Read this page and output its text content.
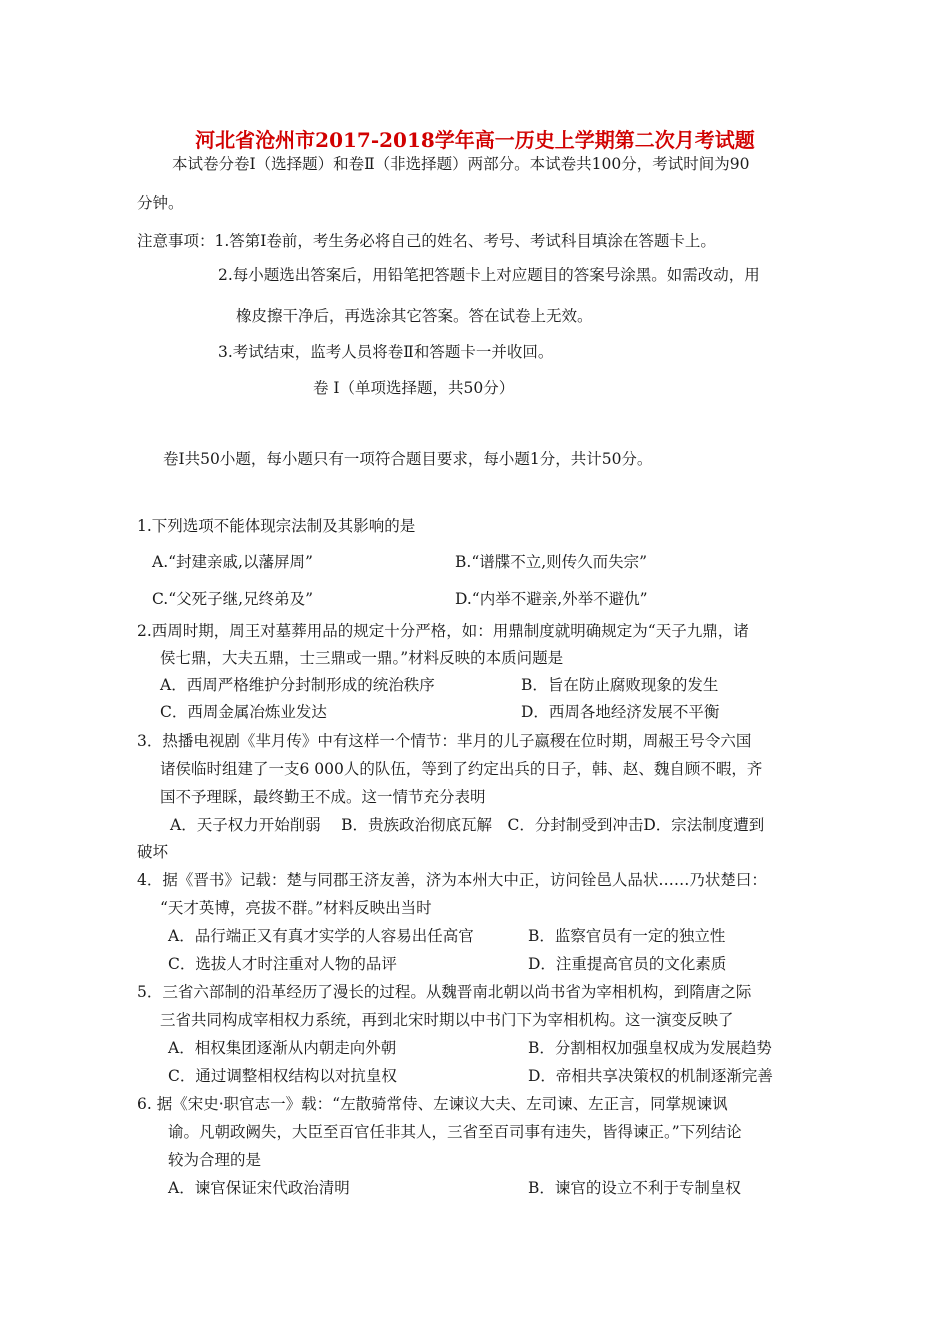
河北省沧州市2017-2018学年高一历史上学期第二次月考试题
本试卷分卷Ⅰ（选择题）和卷Ⅱ（非选择题）两部分。本试卷共100分，考试时间为90
分钟。
注意事项：1.答第Ⅰ卷前，考生务必将自己的姓名、考号、考试科目填涂在答题卡上。
2.每小题选出答案后，用铅笔把答题卡上对应题目的答案号涂黑。如需改动，用
橡皮擦干净后，再选涂其它答案。答在试卷上无效。
3.考试结束，监考人员将卷Ⅱ和答题卡一并收回。
卷 Ⅰ（单项选择题，共50分）
卷Ⅰ共50小题，每小题只有一项符合题目要求，每小题1分，共计50分。
1.下列选项不能体现宗法制及其影响的是
A.“封建亲戚,以藩屏周”	B.“谱牒不立,则传久而失宗”
C.“父死子继,兄终弟及”	D.“内举不避亲,外举不避仇”
2.西周时期，周王对墓葬用品的规定十分严格，如：用鼎制度就明确规定为“天子九鼎，诸
侯七鼎，大夫五鼎，士三鼎或一鼎。”材料反映的本质问题是
A．西周严格维护分封制形成的统治秩序	B．旨在防止腐败现象的发生
C．西周金属冶炼业发达	D．西周各地经济发展不平衡
3．热播电视剧《芈月传》中有这样一个情节：芈月的儿子嬴稷在位时期，周赧王号令六国
诸侯临时组建了一支6 000人的队伍，等到了约定出兵的日子，韩、赵、魏自顾不暇，齐
国不予理睬，最终勤王不成。这一情节充分表明
A．天子权力开始削弱　 B．贵族政治彻底瓦解　C．分封制受到冲击D．宗法制度遭到
破坏
4．据《晋书》记载：楚与同郡王济友善，济为本州大中正，访问铨邑人品状……乃状楚曰：
“天才英博，亮拔不群。”材料反映出当时
A．品行端正又有真才实学的人容易出任高官	B．监察官员有一定的独立性
C．选拔人才时注重对人物的品评	D．注重提高官员的文化素质
5．三省六部制的沿革经历了漫长的过程。从魏晋南北朝以尚书省为宰相机构，到隋唐之际
三省共同构成宰相权力系统，再到北宋时期以中书门下为宰相机构。这一演变反映了
A．相权集团逐渐从内朝走向外朝	B．分割相权加强皇权成为发展趋势
C．通过调整相权结构以对抗皇权	D．帝相共享决策权的机制逐渐完善
6. 据《宋史·职官志一》载：“左散骑常侍、左谏议大夫、左司谏、左正言，同掌规谏讽
谕。凡朝政阙失，大臣至百官任非其人，三省至百司事有违失，皆得谏正。”下列结论
较为合理的是
A．谏官保证宋代政治清明	B．谏官的设立不利于专制皇权
